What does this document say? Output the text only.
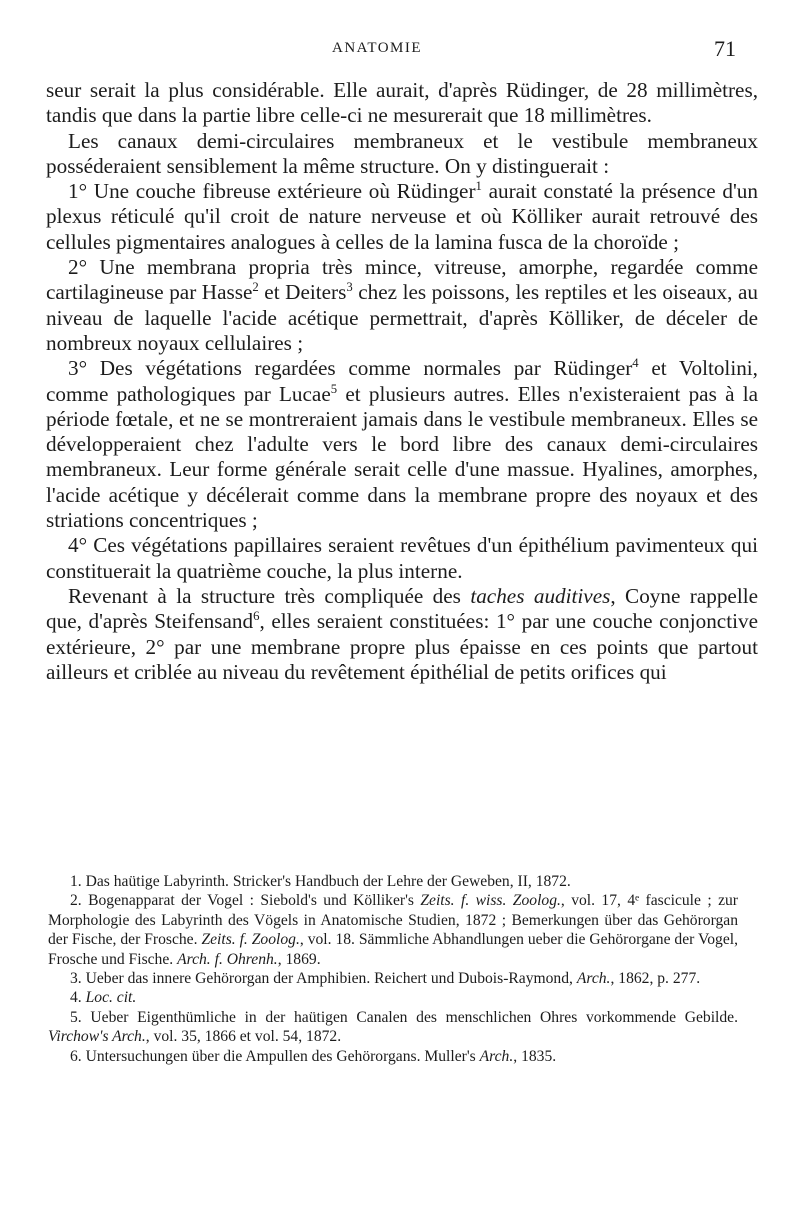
ANATOMIE	71

seur serait la plus considérable. Elle aurait, d'après Rüdinger, de 28 millimètres, tandis que dans la partie libre celle-ci ne mesurerait que 18 millimètres.

Les canaux demi-circulaires membraneux et le vestibule membraneux posséderaient sensiblement la même structure. On y distinguerait :

1° Une couche fibreuse extérieure où Rüdinger$^1$ aurait constaté la présence d'un plexus réticulé qu'il croit de nature nerveuse et où Kölliker aurait retrouvé des cellules pigmentaires analogues à celles de la lamina fusca de la choroïde ;

2° Une membrana propria très mince, vitreuse, amorphe, regardée comme cartilagineuse par Hasse$^2$ et Deiters$^3$ chez les poissons, les reptiles et les oiseaux, au niveau de laquelle l'acide acétique permettrait, d'après Kölliker, de déceler de nombreux noyaux cellulaires ;

3° Des végétations regardées comme normales par Rüdinger$^4$ et Voltolini, comme pathologiques par Lucae$^5$ et plusieurs autres. Elles n'existeraient pas à la période fœtale, et ne se montreraient jamais dans le vestibule membraneux. Elles se développeraient chez l'adulte vers le bord libre des canaux demi-circulaires membraneux. Leur forme générale serait celle d'une massue. Hyalines, amorphes, l'acide acétique y décélerait comme dans la membrane propre des noyaux et des striations concentriques ;

4° Ces végétations papillaires seraient revêtues d'un épithélium pavimenteux qui constituerait la quatrième couche, la plus interne.

Revenant à la structure très compliquée des taches auditives, Coyne rappelle que, d'après Steifensand$^6$, elles seraient constituées: 1° par une couche conjonctive extérieure, 2° par une membrane propre plus épaisse en ces points que partout ailleurs et criblée au niveau du revêtement épithélial de petits orifices qui

1. Das haütige Labyrinth. Stricker's Handbuch der Lehre der Geweben, II, 1872.

2. Bogenapparat der Vogel : Siebold's und Kölliker's Zeits. f. wiss. Zoolog., vol. 17, 4ᵉ fascicule ; zur Morphologie des Labyrinth des Vögels in Anatomische Studien, 1872 ; Bemerkungen über das Gehörorgan der Fische, der Frosche. Zeits. f. Zoolog., vol. 18. Sämmliche Abhandlungen ueber die Gehörorgane der Vogel, Frosche und Fische. Arch. f. Ohrenh., 1869.

3. Ueber das innere Gehörorgan der Amphibien. Reichert und Dubois-Raymond, Arch., 1862, p. 277.

4. Loc. cit.

5. Ueber Eigenthümliche in der haütigen Canalen des menschlichen Ohres vorkommende Gebilde. Virchow's Arch., vol. 35, 1866 et vol. 54, 1872.

6. Untersuchungen über die Ampullen des Gehörorgans. Muller's Arch., 1835.
